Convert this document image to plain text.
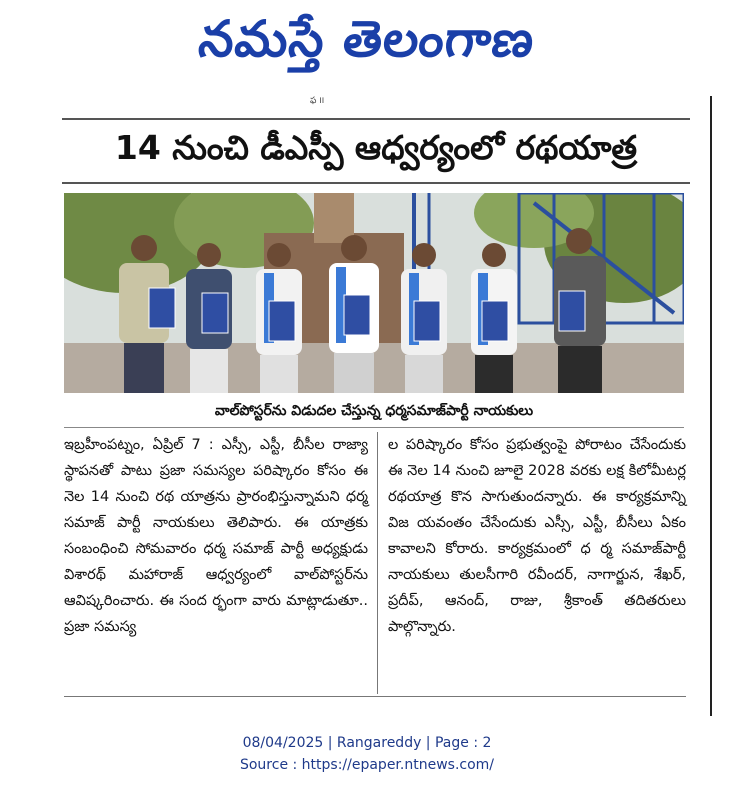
నమస్తే తెలంగాణ
ఫ ౹౹
14 నుంచి డీఎస్పీ ఆధ్వర్యంలో రథయాత్ర
వాల్‌పోస్టర్‌ను విడుదల చేస్తున్న ధర్మసమాజ్‌పార్టీ నాయకులు
ఇబ్రహీంపట్నం, ఏప్రిల్‌ 7 : ఎస్సీ, ఎస్టీ, బీసీల రాజ్యా స్థాపనతో పాటు ప్రజా సమస్యల పరిష్కారం కోసం ఈ నెల 14 నుంచి రథ యాత్రను ప్రారంభిస్తున్నామని ధర్మ సమాజ్‌ పార్టీ నాయకులు తెలిపారు. ఈ యాత్రకు సంబంధించి సోమవారం ధర్మ సమాజ్‌ పార్టీ అధ్యక్షుడు విశారథ్‌ మహారాజ్‌ ఆధ్వర్యంలో వాల్‌పోస్టర్‌ను ఆవిష్కరించారు. ఈ సంద ర్భంగా వారు మాట్లాడుతూ.. ప్రజా సమస్య
ల పరిష్కారం కోసం ప్రభుత్వంపై పోరాటం చేసేందుకు ఈ నెల 14 నుంచి జూలై 2028 వరకు లక్ష కిలోమీటర్ల రథయాత్ర కొన సాగుతుందన్నారు. ఈ కార్యక్రమాన్ని విజ యవంతం చేసేందుకు ఎస్సీ, ఎస్టీ, బీసీలు ఏకం కావాలని కోరారు. కార్యక్రమంలో ధ ర్మ సమాజ్‌పార్టీ నాయకులు తులసీగారి రవీందర్‌, నాగార్జున, శేఖర్‌, ప్రదీప్‌, ఆనంద్‌, రాజు, శ్రీకాంత్‌ తదితరులు పాల్గొన్నారు.
08/04/2025 | Rangareddy | Page : 2
Source : https://epaper.ntnews.com/
